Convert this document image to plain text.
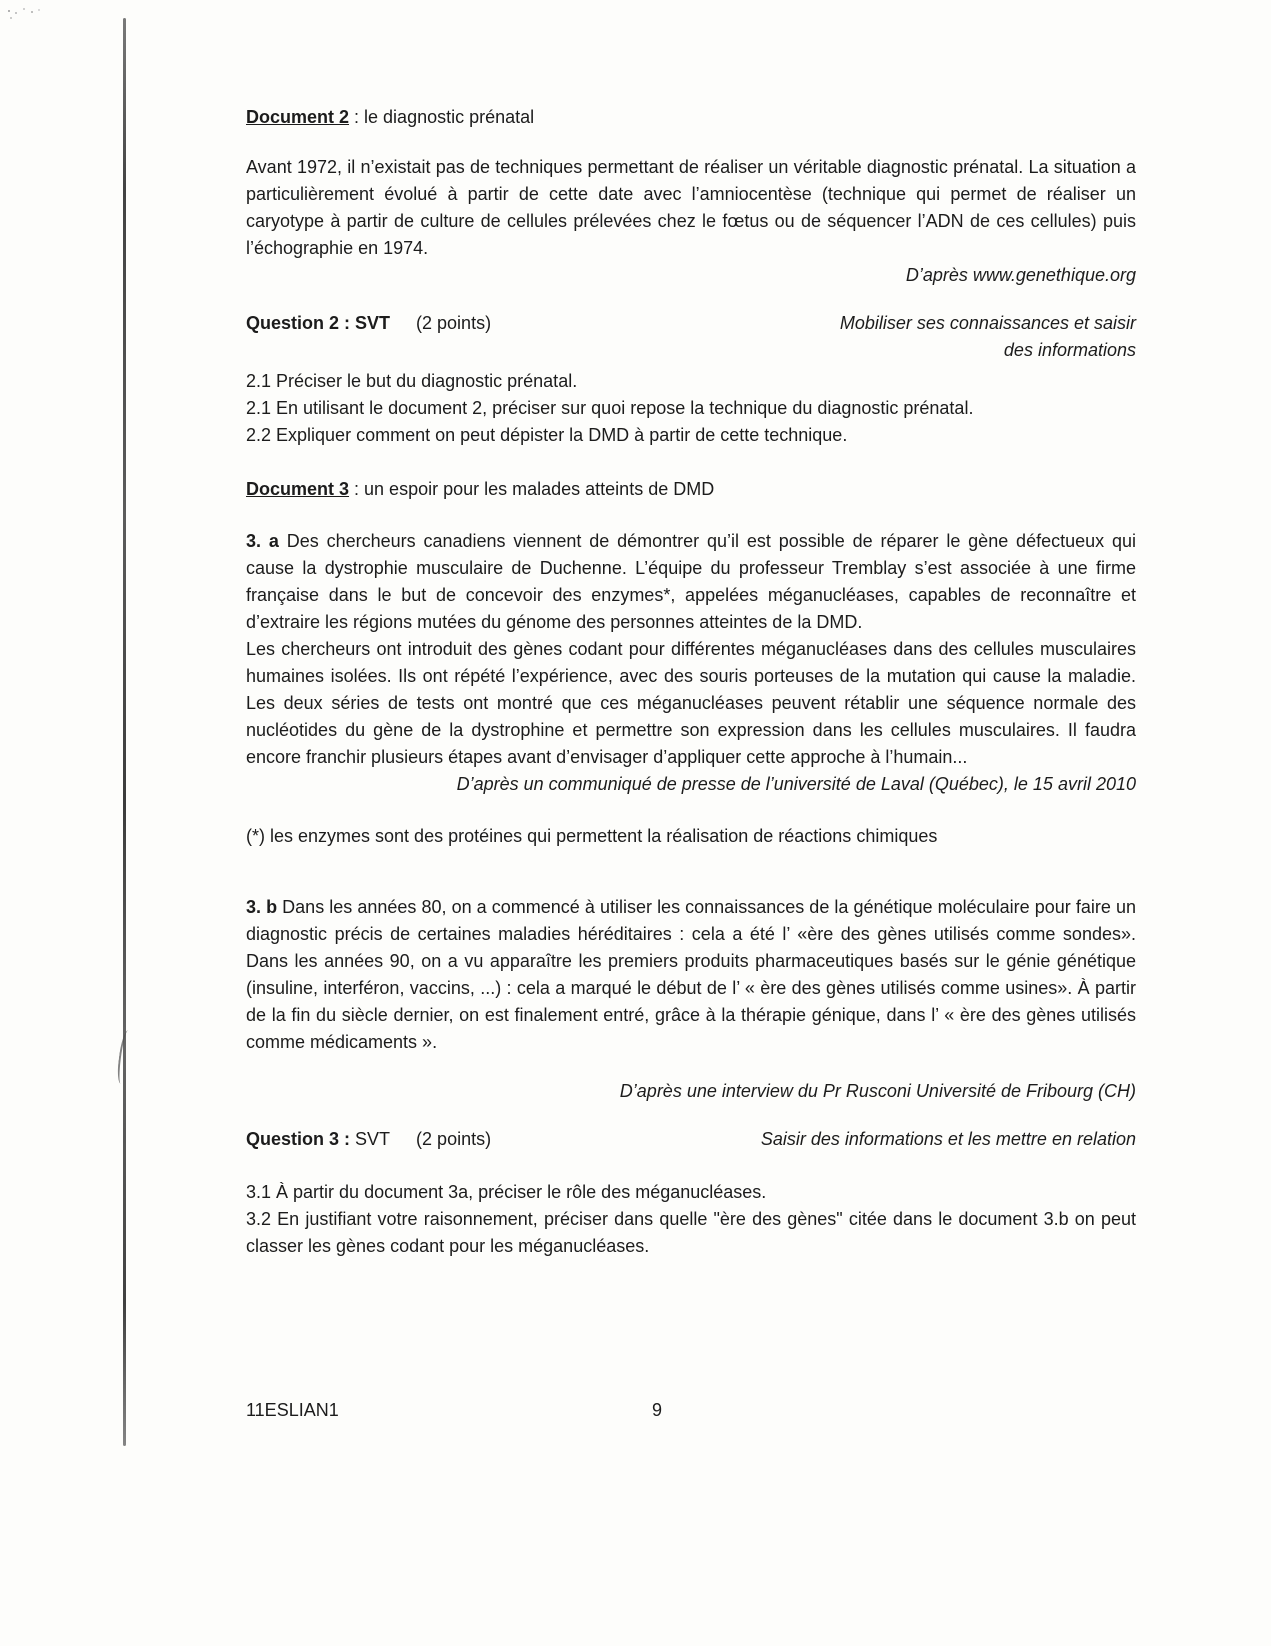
Document 2 : le diagnostic prénatal

Avant 1972, il n’existait pas de techniques permettant de réaliser un véritable diagnostic prénatal. La situation a particulièrement évolué à partir de cette date avec l’amniocentèse (technique qui permet de réaliser un caryotype à partir de culture de cellules prélevées chez le fœtus ou de séquencer l’ADN de ces cellules) puis l’échographie en 1974.

D’après www.genethique.org

Question 2 : SVT (2 points)	Mobiliser ses connaissances et saisir
des informations

2.1 Préciser le but du diagnostic prénatal.

2.1 En utilisant le document 2, préciser sur quoi repose la technique du diagnostic prénatal.

2.2 Expliquer comment on peut dépister la DMD à partir de cette technique.

Document 3 : un espoir pour les malades atteints de DMD

3. a Des chercheurs canadiens viennent de démontrer qu’il est possible de réparer le gène défectueux qui cause la dystrophie musculaire de Duchenne. L’équipe du professeur Tremblay s’est associée à une firme française dans le but de concevoir des enzymes*, appelées méganucléases, capables de reconnaître et d’extraire les régions mutées du génome des personnes atteintes de la DMD.

Les chercheurs ont introduit des gènes codant pour différentes méganucléases dans des cellules musculaires humaines isolées. Ils ont répété l’expérience, avec des souris porteuses de la mutation qui cause la maladie. Les deux séries de tests ont montré que ces méganucléases peuvent rétablir une séquence normale des nucléotides du gène de la dystrophine et permettre son expression dans les cellules musculaires. Il faudra encore franchir plusieurs étapes avant d’envisager d’appliquer cette approche à l’humain...

D’après un communiqué de presse de l’université de Laval (Québec), le 15 avril 2010

(*) les enzymes sont des protéines qui permettent la réalisation de réactions chimiques

3. b Dans les années 80, on a commencé à utiliser les connaissances de la génétique moléculaire pour faire un diagnostic précis de certaines maladies héréditaires : cela a été l’ «ère des gènes utilisés comme sondes». Dans les années 90, on a vu apparaître les premiers produits pharmaceutiques basés sur le génie génétique (insuline, interféron, vaccins, ...) : cela a marqué le début de l’ « ère des gènes utilisés comme usines». À partir de la fin du siècle dernier, on est finalement entré, grâce à la thérapie génique, dans l’ « ère des gènes utilisés comme médicaments ».

D’après une interview du Pr Rusconi Université de Fribourg (CH)

Question 3 : SVT (2 points)	Saisir des informations et les mettre en relation

3.1 À partir du document 3a, préciser le rôle des méganucléases.

3.2 En justifiant votre raisonnement, préciser dans quelle "ère des gènes" citée dans le document 3.b on peut classer les gènes codant pour les méganucléases.

11ESLIAN1	9
